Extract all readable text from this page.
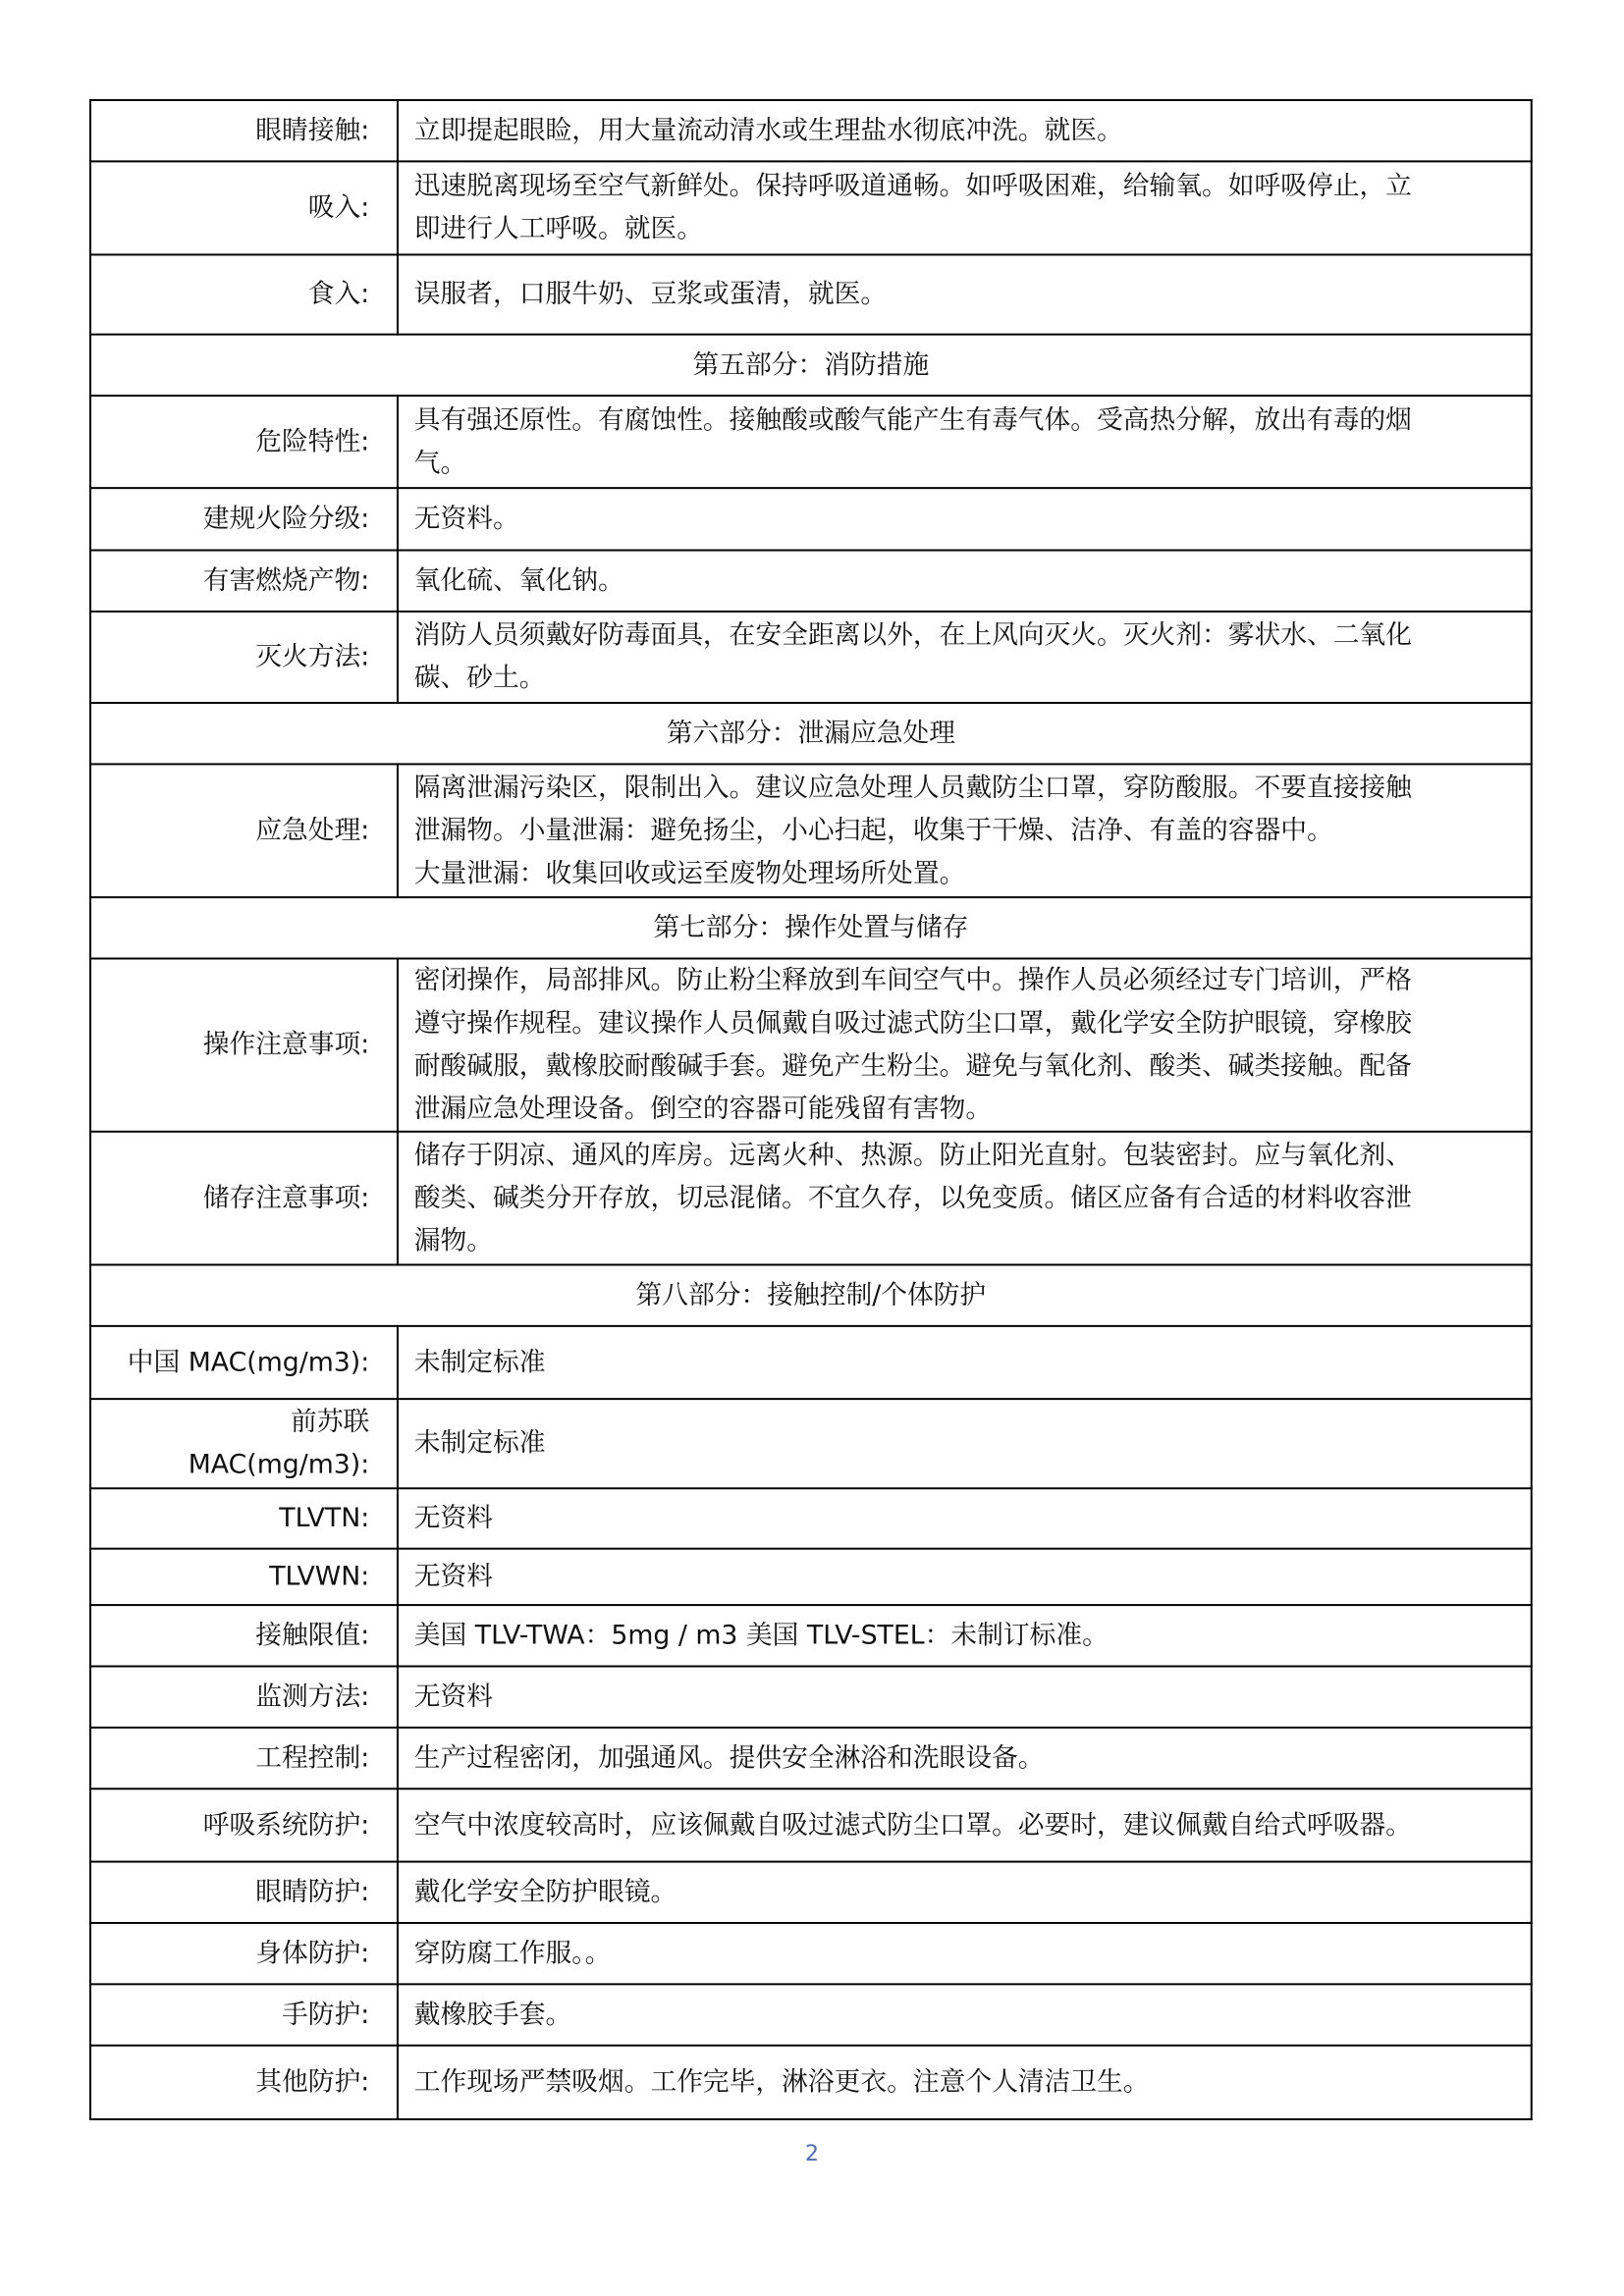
眼睛接触:	立即提起眼睑，用大量流动清水或生理盐水彻底冲洗。就医。

吸入:	迅速脱离现场至空气新鲜处。保持呼吸道通畅。如呼吸困难，给输氧。如呼吸停止，立
即进行人工呼吸。就医。

食入:	误服者，口服牛奶、豆浆或蛋清，就医。

第五部分：消防措施	
危险特性:	具有强还原性。有腐蚀性。接触酸或酸气能产生有毒气体。受高热分解，放出有毒的烟
气。

建规火险分级:	无资料。

有害燃烧产物:	氧化硫、氧化钠。

灭火方法:	消防人员须戴好防毒面具，在安全距离以外，在上风向灭火。灭火剂：雾状水、二氧化
碳、砂土。

第六部分：泄漏应急处理	
应急处理:	隔离泄漏污染区，限制出入。建议应急处理人员戴防尘口罩，穿防酸服。不要直接接触
泄漏物。小量泄漏：避免扬尘，小心扫起，收集于干燥、洁净、有盖的容器中。
大量泄漏：收集回收或运至废物处理场所处置。

第七部分：操作处置与储存	
操作注意事项:	密闭操作，局部排风。防止粉尘释放到车间空气中。操作人员必须经过专门培训，严格
遵守操作规程。建议操作人员佩戴自吸过滤式防尘口罩，戴化学安全防护眼镜，穿橡胶
耐酸碱服，戴橡胶耐酸碱手套。避免产生粉尘。避免与氧化剂、酸类、碱类接触。配备
泄漏应急处理设备。倒空的容器可能残留有害物。

储存注意事项:	储存于阴凉、通风的库房。远离火种、热源。防止阳光直射。包装密封。应与氧化剂、
酸类、碱类分开存放，切忌混储。不宜久存，以免变质。储区应备有合适的材料收容泄
漏物。

第八部分：接触控制/个体防护	
中国 MAC(mg/m3):	未制定标准

前苏联
MAC(mg/m3):	未制定标准

TLVTN:	无资料

TLVWN:	无资料

接触限值:	美国 TLV-TWA：5mg / m3 美国 TLV-STEL：未制订标准。

监测方法:	无资料

工程控制:	生产过程密闭，加强通风。提供安全淋浴和洗眼设备。

呼吸系统防护:	空气中浓度较高时，应该佩戴自吸过滤式防尘口罩。必要时，建议佩戴自给式呼吸器。

眼睛防护:	戴化学安全防护眼镜。

身体防护:	穿防腐工作服。。

手防护:	戴橡胶手套。

其他防护:	工作现场严禁吸烟。工作完毕，淋浴更衣。注意个人清洁卫生。
2
